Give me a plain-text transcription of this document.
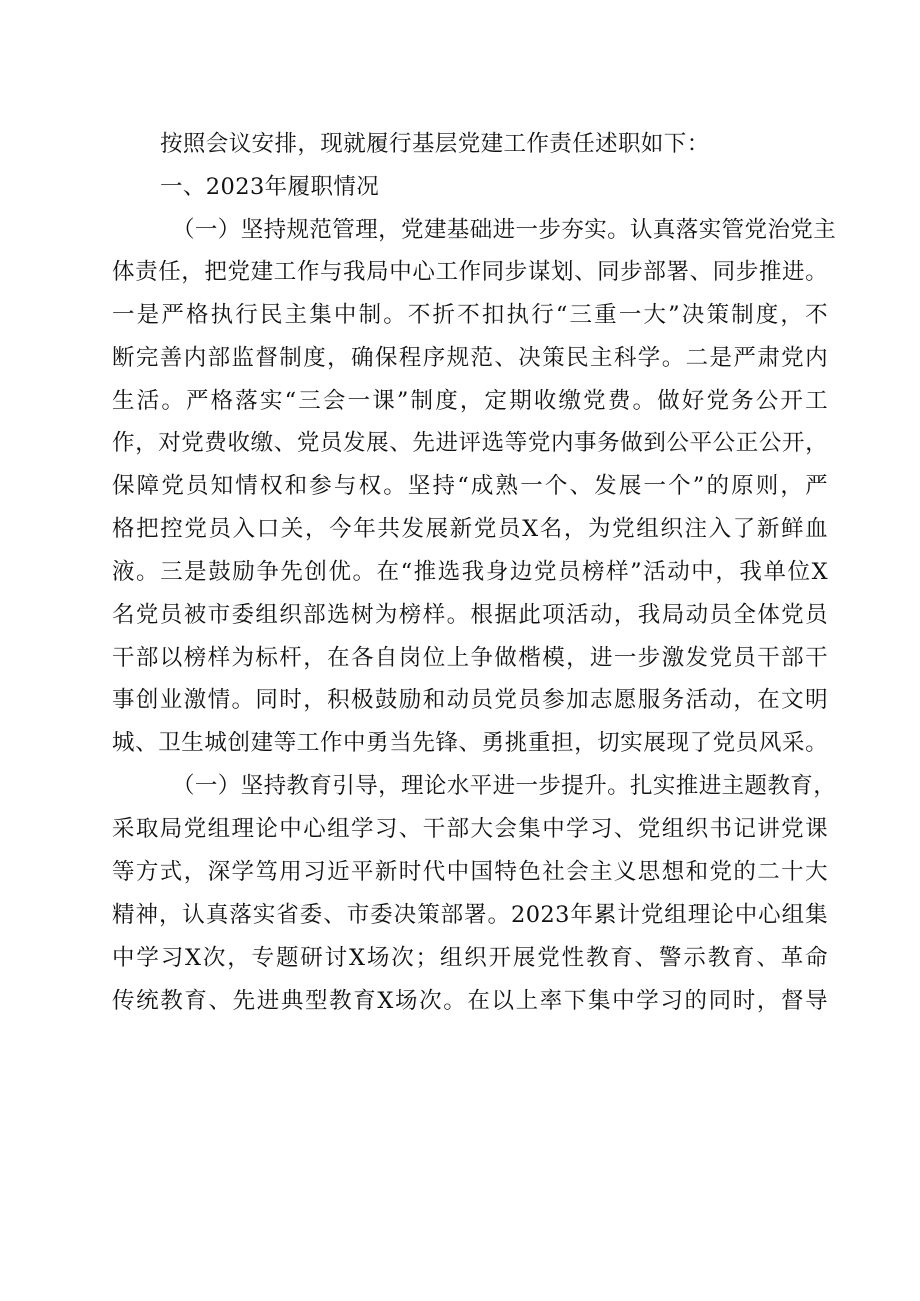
按照会议安排，现就履行基层党建工作责任述职如下：
一、2023年履职情况
（一）坚持规范管理，党建基础进一步夯实。认真落实管党治党主
体责任，把党建工作与我局中心工作同步谋划、同步部署、同步推进。
一是严格执行民主集中制。不折不扣执行“三重一大”决策制度，不
断完善内部监督制度，确保程序规范、决策民主科学。二是严肃党内
生活。严格落实“三会一课”制度，定期收缴党费。做好党务公开工
作，对党费收缴、党员发展、先进评选等党内事务做到公平公正公开，
保障党员知情权和参与权。坚持“成熟一个、发展一个”的原则，严
格把控党员入口关，今年共发展新党员X名，为党组织注入了新鲜血
液。三是鼓励争先创优。在“推选我身边党员榜样”活动中，我单位X
名党员被市委组织部选树为榜样。根据此项活动，我局动员全体党员
干部以榜样为标杆，在各自岗位上争做楷模，进一步激发党员干部干
事创业激情。同时，积极鼓励和动员党员参加志愿服务活动，在文明
城、卫生城创建等工作中勇当先锋、勇挑重担，切实展现了党员风采。
（一）坚持教育引导，理论水平进一步提升。扎实推进主题教育，
采取局党组理论中心组学习、干部大会集中学习、党组织书记讲党课
等方式，深学笃用习近平新时代中国特色社会主义思想和党的二十大
精神，认真落实省委、市委决策部署。2023年累计党组理论中心组集
中学习X次，专题研讨X场次；组织开展党性教育、警示教育、革命
传统教育、先进典型教育X场次。在以上率下集中学习的同时，督导
